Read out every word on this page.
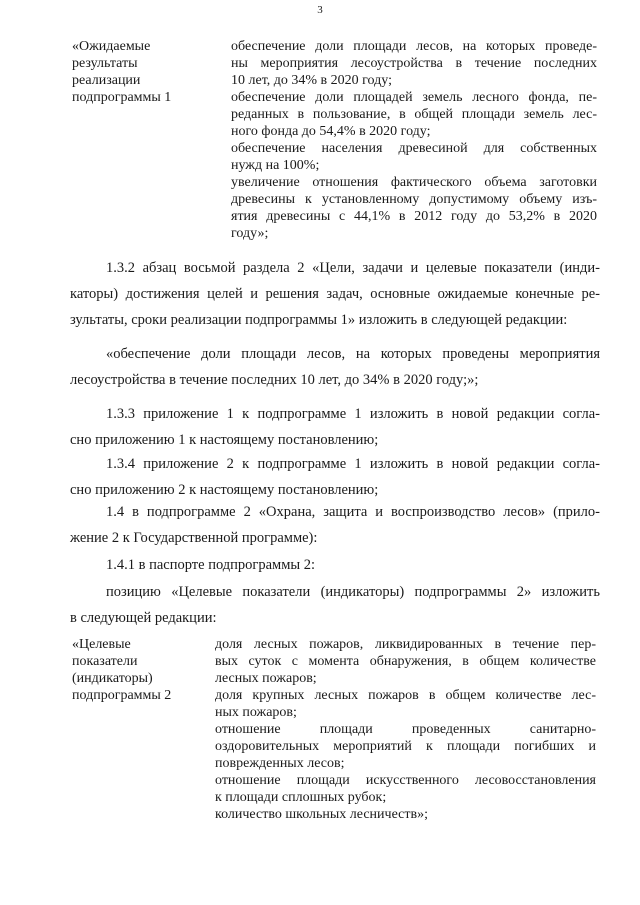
3
«Ожидаемые
результаты
реализации
подпрограммы 1
обеспечение доли площади лесов, на которых проведе-
ны мероприятия лесоустройства в течение последних
10 лет, до 34% в 2020 году;
обеспечение доли площадей земель лесного фонда, пе-
реданных в пользование, в общей площади земель лес-
ного фонда до 54,4% в 2020 году;
обеспечение населения древесиной для собственных
нужд на 100%;
увеличение отношения фактического объема заготовки
древесины к установленному допустимому объему изъ-
ятия древесины с 44,1% в 2012 году до 53,2% в 2020
году»;
1.3.2 абзац восьмой раздела 2 «Цели, задачи и целевые показатели (инди-
каторы) достижения целей и решения задач, основные ожидаемые конечные ре-
зультаты, сроки реализации подпрограммы 1» изложить в следующей редакции:
«обеспечение доли площади лесов, на которых проведены мероприятия
лесоустройства в течение последних 10 лет, до 34% в 2020 году;»;
1.3.3 приложение 1 к подпрограмме 1 изложить в новой редакции согла-
сно приложению 1 к настоящему постановлению;
1.3.4 приложение 2 к подпрограмме 1 изложить в новой редакции согла-
сно приложению 2 к настоящему постановлению;
1.4 в подпрограмме 2 «Охрана, защита и воспроизводство лесов» (прило-
жение 2 к Государственной программе):
1.4.1 в паспорте подпрограммы 2:
позицию «Целевые показатели (индикаторы) подпрограммы 2» изложить
в следующей редакции:
«Целевые
показатели
(индикаторы)
подпрограммы 2
доля лесных пожаров, ликвидированных в течение пер-
вых суток с момента обнаружения, в общем количестве
лесных пожаров;
доля крупных лесных пожаров в общем количестве лес-
ных пожаров;
отношение площади проведенных санитарно-
оздоровительных мероприятий к площади погибших и
поврежденных лесов;
отношение площади искусственного лесовосстановления
к площади сплошных рубок;
количество школьных лесничеств»;
